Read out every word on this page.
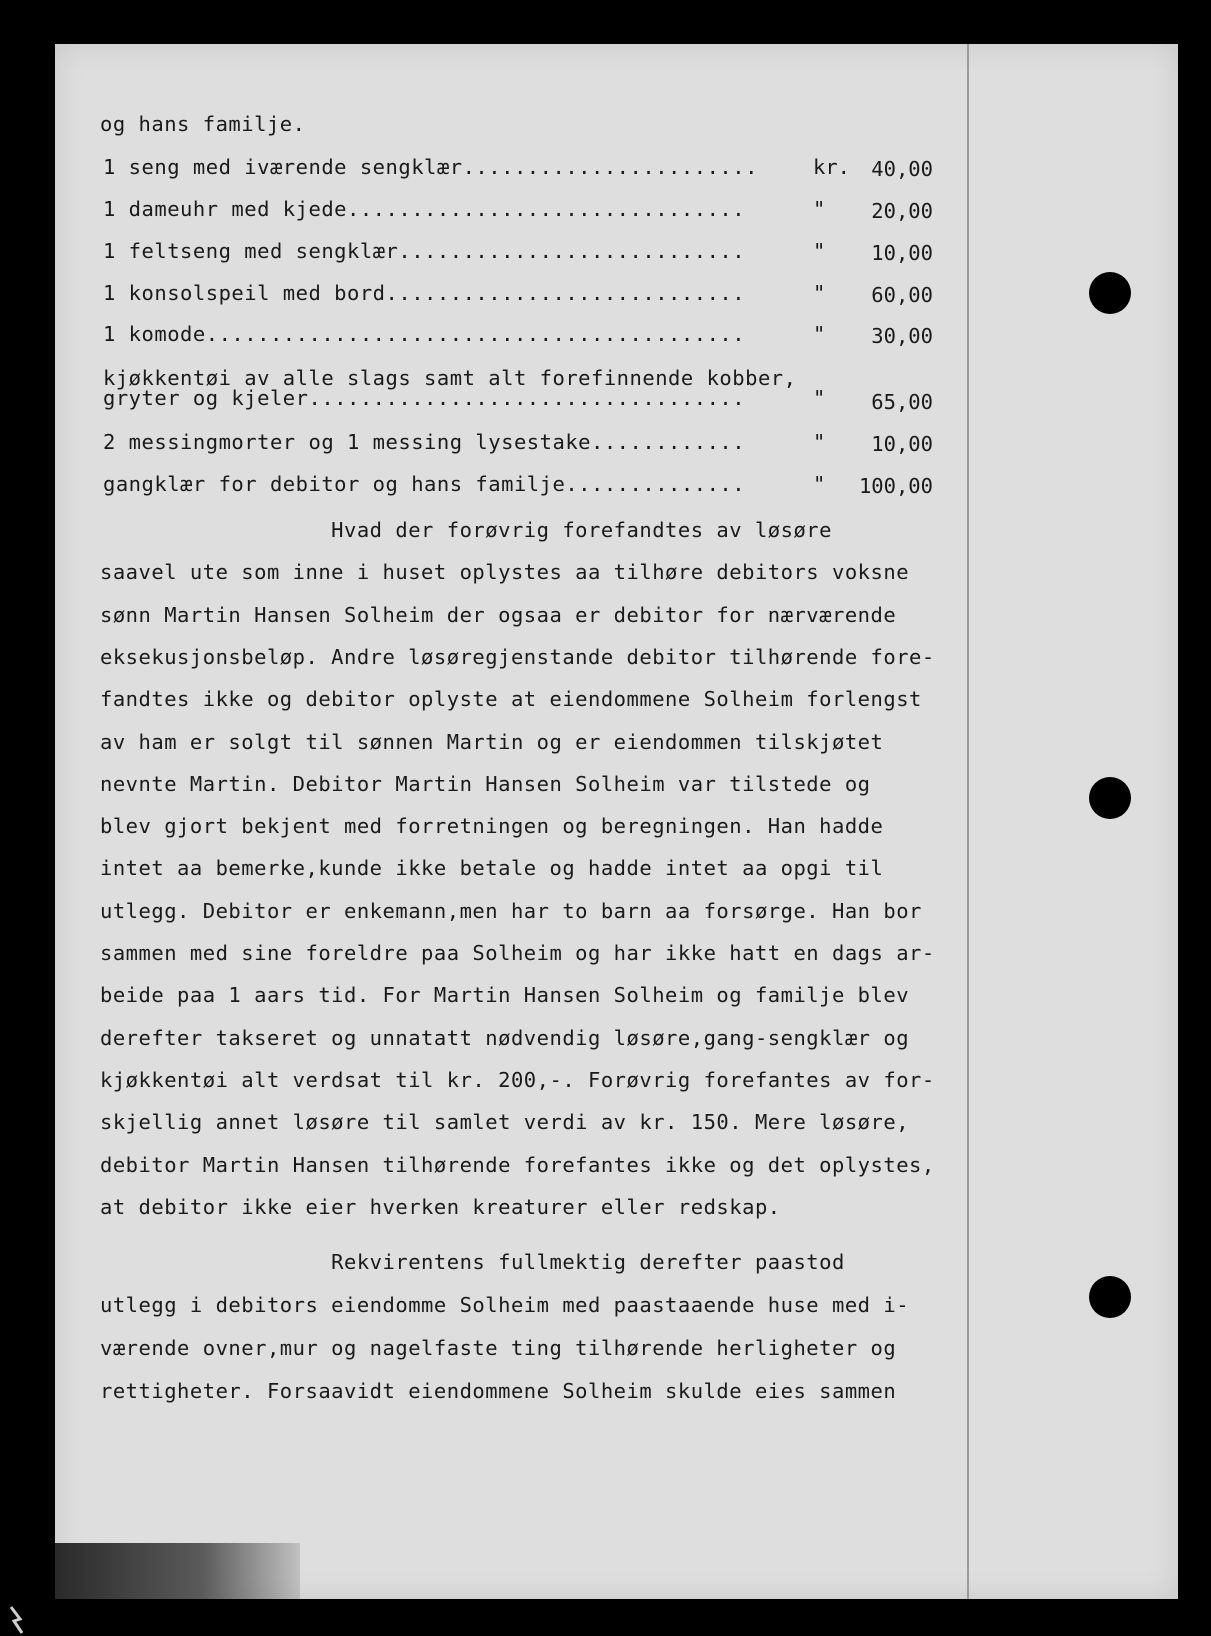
og hans familje.
1 seng med iværende sengklær.......................	kr.	40,00
1 dameuhr med kjede...............................	"	20,00
1 feltseng med sengklær...........................	"	10,00
1 konsolspeil med bord............................	"	60,00
1 komode..........................................	"	30,00
kjøkkentøi av alle slags samt alt forefinnende kobber,
gryter og kjeler..................................	"	65,00
2 messingmorter og 1 messing lysestake............	"	10,00
gangklær for debitor og hans familje..............	"	100,00
Hvad der forøvrig forefandtes av løsøre
saavel ute som inne i huset oplystes aa tilhøre debitors voksne
sønn Martin Hansen Solheim der ogsaa er debitor for nærværende
eksekusjonsbeløp. Andre løsøregjenstande debitor tilhørende fore-
fandtes ikke og debitor oplyste at eiendommene Solheim forlengst
av ham er solgt til sønnen Martin og er eiendommen tilskjøtet
nevnte Martin. Debitor Martin Hansen Solheim var tilstede og
blev gjort bekjent med forretningen og beregningen. Han hadde
intet aa bemerke,kunde ikke betale og hadde intet aa opgi til
utlegg. Debitor er enkemann,men har to barn aa forsørge. Han bor
sammen med sine foreldre paa Solheim og har ikke hatt en dags ar-
beide paa 1 aars tid. For Martin Hansen Solheim og familje blev
derefter takseret og unnatatt nødvendig løsøre,gang-sengklær og
kjøkkentøi alt verdsat til kr. 200,-. Forøvrig forefantes av for-
skjellig annet løsøre til samlet verdi av kr. 150. Mere løsøre,
debitor Martin Hansen tilhørende forefantes ikke og det oplystes,
at debitor ikke eier hverken kreaturer eller redskap.
Rekvirentens fullmektig derefter paastod
utlegg i debitors eiendomme Solheim med paastaaende huse med i-
værende ovner,mur og nagelfaste ting tilhørende herligheter og
rettigheter. Forsaavidt eiendommene Solheim skulde eies sammen
